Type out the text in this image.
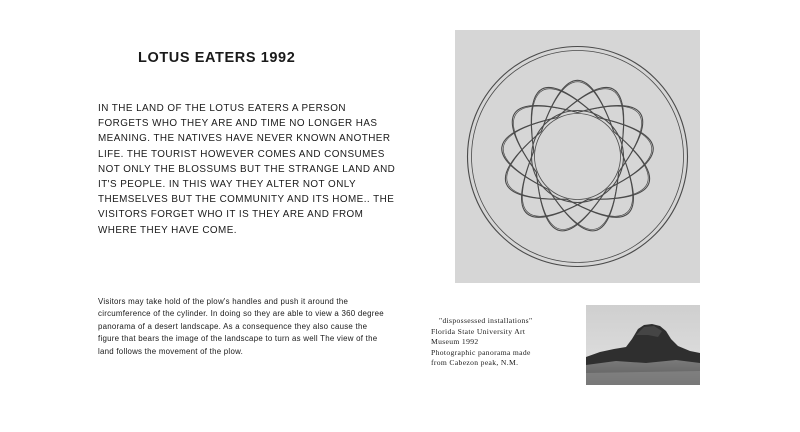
LOTUS EATERS 1992

IN THE LAND OF THE LOTUS EATERS A PERSON FORGETS WHO THEY ARE AND TIME NO LONGER HAS MEANING. THE NATIVES HAVE NEVER KNOWN ANOTHER LIFE. THE TOURIST HOWEVER COMES AND CONSUMES NOT ONLY THE BLOSSUMS BUT THE STRANGE LAND AND IT'S PEOPLE. IN THIS WAY THEY ALTER NOT ONLY THEMSELVES BUT THE COMMUNITY AND ITS HOME.. THE VISITORS FORGET WHO IT IS THEY ARE AND FROM WHERE THEY HAVE COME.

Visitors may take hold of the plow's handles and push it around the circumference of the cylinder. In doing so they are able to view a 360 degree panorama of a desert landscape. As a consequence they also cause the figure that bears the image of the landscape to turn as well The view of the land follows the movement of the plow.

"dispossessed installations"
Florida State University Art
Museum 1992
Photographic panorama made
from Cabezon peak, N.M.
